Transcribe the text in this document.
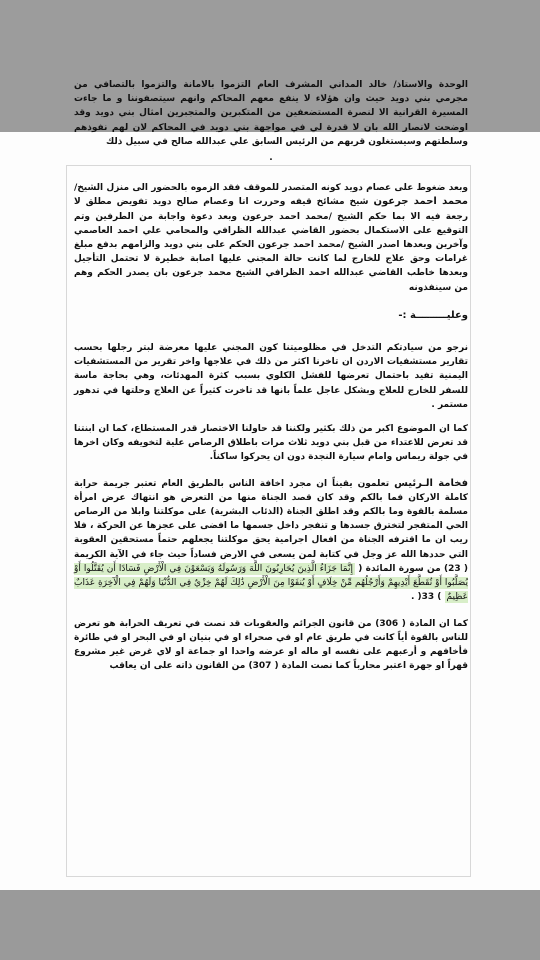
الوحدة والاستاذ/ خالد المداني المشرف العام التزموا بالامانة والتزموا بالتصافي من مجرمي بني دويد حيث وان هؤلاء لا ينفع معهم المحاكم وانهم سيتصفوننا و ما جاءت المسيرة القرانية الا لنصرة المستضعفين من المتكبرين والمتجبرين امثال بني دويد وقد اوضحت لانصار الله بان لا قدرة لي في مواجهة بني دويد في المحاكم لان لهم نفوذهم وسلطتهم وسيستغلون قربهم من الرئيس السابق علي عبدالله صالح في سبيل ذلك

.

وبعد ضغوط على عصام دويد كونه المتصدر للموقف فقد الزموه بالحضور الى منزل الشيخ/ محمد احمد جرعون شيخ مشائخ قيفه وحررت انا وعصام صالح دويد تفويض مطلق لا رجعة فيه الا بما حكم الشيخ /محمد احمد جرعون وبعد دعوة واجابة من الطرفين وتم التوقيع على الاستكمال بحضور القاضي عبدالله الظرافي والمحامي علي احمد العاصمي وآخرين وبعدها اصدر الشيخ /محمد احمد جرعون الحكم على بني دويد والزامهم بدفع مبلغ غرامات وحق علاج للخارج لما كانت حالة المجني عليها اصابة خطيرة لا تحتمل التأجيل وبعدها خاطب القاضي عبدالله احمد الظرافي الشيخ محمد جرعون بان يصدر الحكم وهم من سينفذونه

وعليـــــــــة :-

نرجو من سيادتكم التدخل في مظلوميتنا كون المجني عليها معرضة لبتر رجلها بحسب تقارير مستشفيات الاردن ان تاخرنا اكثر من ذلك في علاجها واخر تقرير من المستشفيات اليمنية تفيد باحتمال تعرضها للفشل الكلوي بسبب كثرة المهدئات، وهي بحاجة ماسة للسفر للخارج للعلاج وبشكل عاجل علماً بانها قد تاخرت كثيراً عن العلاج وحلتها في تدهور مستمر .

كما ان الموضوع اكبر من ذلك بكثير ولكننا قد حاولنا الاختصار قدر المستطاع، كما ان ابنتنا قد تعرض للاعتداء من قبل بني دويد ثلاث مرات باطلاق الرصاص علية لتخويفه وكان اخرها في جولة ريماس وامام سيارة النجدة دون ان يحركوا ساكناً.

فخامة الـرئيس تعلمون يقيناً ان مجرد اخافة الناس بالطريق العام تعتبر جريمة حرابة كاملة الاركان فما بالكم وقد كان قصد الجناة منها من التعرض هو انتهاك عرض امرأة مسلمة بالقوة وما بالكم وقد اطلق الجناة (الذئاب البشرية) على موكلتنا وابلا من الرصاص الحي المتفجر لتخترق جسدها و تنفجر داخل جسمها ما افضى على عجزها عن الحركة ، فلا ريب ان ما اقترفه الجناة من افعال اجرامية يحق موكلتنا يجعلهم حتماً مستحقين العقوبة التي حددها الله عز وجل في كتابة لمن يسعى في الارض فساداً حيث جاء في الآية الكريمة ( 23) من سورة المائدة ( إِنَّمَا جَزَاءُ الَّذِينَ يُحَارِبُونَ اللَّهَ وَرَسُولَهُ وَيَسْعَوْنَ فِي الْأَرْضِ فَسَادًا أَن يُقَتَّلُوا أَوْ يُصَلَّبُوا أَوْ تُقَطَّعَ أَيْدِيهِمْ وَأَرْجُلُهُم مِّنْ خِلَافٍ أَوْ يُنفَوْا مِنَ الْأَرْضِ ذَٰلِكَ لَهُمْ خِزْيٌ فِي الدُّنْيَا وَلَهُمْ فِي الْآخِرَةِ عَذَابٌ عَظِيمٌ ) 33( .

كما ان المادة ( 306) من قانون الجرائم والعقوبات قد نصت في تعريف الحرابة هو تعرض للناس بالقوة أياً كانت في طريق عام او في صحراء او في بنيان او في البحر او في طائرة فأخافهم و أرعبهم على نفسه او ماله او عرضه واحدا او جماعة او لاي غرض غير مشروع قهراً او جهرة اعتبر محارباً كما نصت المادة ( 307) من القانون ذاته على ان يعاقب
